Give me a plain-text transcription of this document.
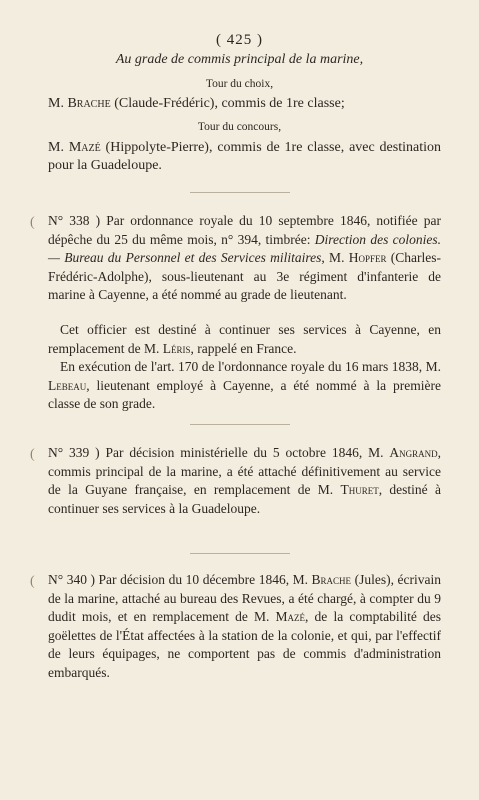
( 425 )
Au grade de commis principal de la marine,
Tour du choix,
M. Brache (Claude-Frédéric), commis de 1re classe;
Tour du concours,
M. Mazé (Hippolyte-Pierre), commis de 1re classe, avec destination pour la Guadeloupe.
( N° 338 ) Par ordonnance royale du 10 septembre 1846, notifiée par dépêche du 25 du même mois, n° 394, timbrée: Direction des colonies. — Bureau du Personnel et des Services militaires, M. Hopfer (Charles-Frédéric-Adolphe), sous-lieutenant au 3e régiment d'infanterie de marine à Cayenne, a été nommé au grade de lieutenant.
Cet officier est destiné à continuer ses services à Cayenne, en remplacement de M. Léris, rappelé en France.
En exécution de l'art. 170 de l'ordonnance royale du 16 mars 1838, M. Lebeau, lieutenant employé à Cayenne, a été nommé à la première classe de son grade.
( N° 339 ) Par décision ministérielle du 5 octobre 1846, M. Angrand, commis principal de la marine, a été attaché définitivement au service de la Guyane française, en remplacement de M. Thuret, destiné à continuer ses services à la Guadeloupe.
( N° 340 ) Par décision du 10 décembre 1846, M. Brache (Jules), écrivain de la marine, attaché au bureau des Revues, a été chargé, à compter du 9 dudit mois, et en remplacement de M. Mazé, de la comptabilité des goëlettes de l'État affectées à la station de la colonie, et qui, par l'effectif de leurs équipages, ne comportent pas de commis d'administration embarqués.
